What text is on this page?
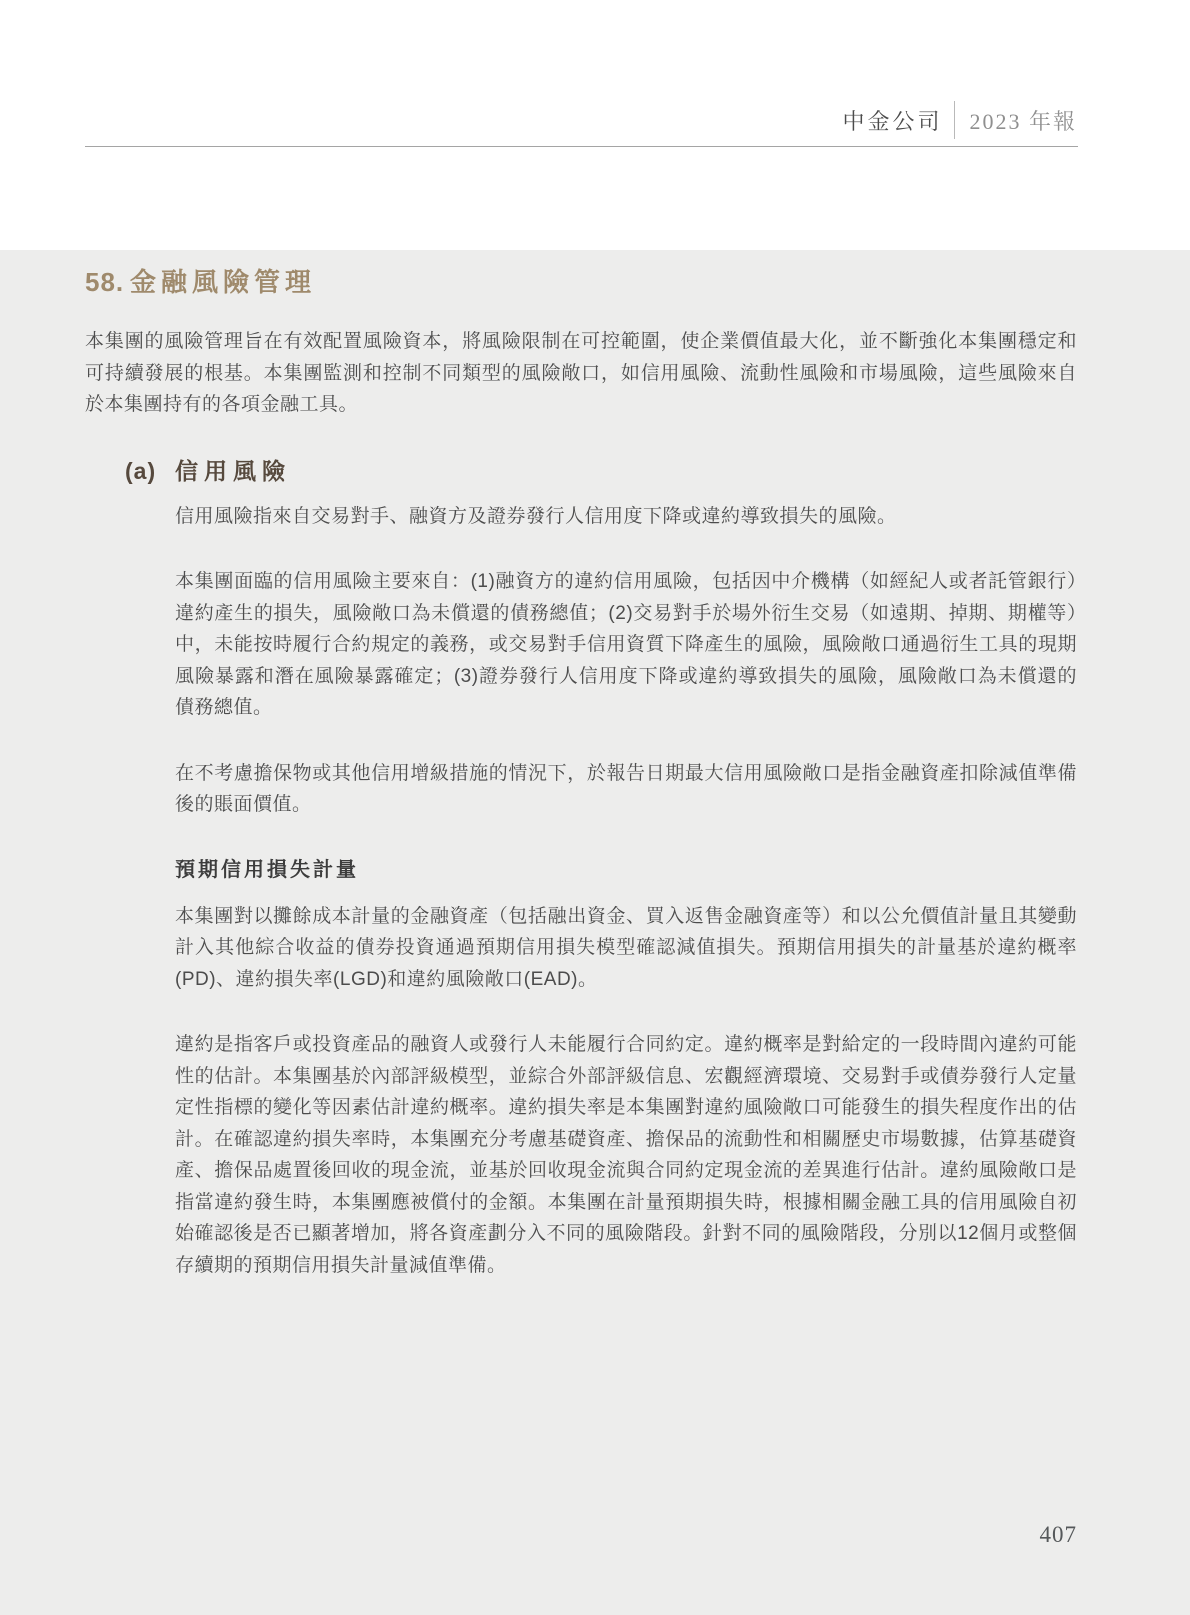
中金公司 2023 年報
58. 金融風險管理

本集團的風險管理旨在有效配置風險資本，將風險限制在可控範圍，使企業價值最大化，並不斷強化本集團穩定和可持續發展的根基。本集團監測和控制不同類型的風險敞口，如信用風險、流動性風險和市場風險，這些風險來自於本集團持有的各項金融工具。

(a) 信用風險

信用風險指來自交易對手、融資方及證券發行人信用度下降或違約導致損失的風險。

本集團面臨的信用風險主要來自：(1)融資方的違約信用風險，包括因中介機構（如經紀人或者託管銀行）違約產生的損失，風險敞口為未償還的債務總值；(2)交易對手於場外衍生交易（如遠期、掉期、期權等）中，未能按時履行合約規定的義務，或交易對手信用資質下降產生的風險，風險敞口通過衍生工具的現期風險暴露和潛在風險暴露確定；(3)證券發行人信用度下降或違約導致損失的風險，風險敞口為未償還的債務總值。

在不考慮擔保物或其他信用增級措施的情況下，於報告日期最大信用風險敞口是指金融資產扣除減值準備後的賬面價值。

預期信用損失計量

本集團對以攤餘成本計量的金融資產（包括融出資金、買入返售金融資產等）和以公允價值計量且其變動計入其他綜合收益的債券投資通過預期信用損失模型確認減值損失。預期信用損失的計量基於違約概率(PD)、違約損失率(LGD)和違約風險敞口(EAD)。

違約是指客戶或投資產品的融資人或發行人未能履行合同約定。違約概率是對給定的一段時間內違約可能性的估計。本集團基於內部評級模型，並綜合外部評級信息、宏觀經濟環境、交易對手或債券發行人定量定性指標的變化等因素估計違約概率。違約損失率是本集團對違約風險敞口可能發生的損失程度作出的估計。在確認違約損失率時，本集團充分考慮基礎資產、擔保品的流動性和相關歷史市場數據，估算基礎資產、擔保品處置後回收的現金流，並基於回收現金流與合同約定現金流的差異進行估計。違約風險敞口是指當違約發生時，本集團應被償付的金額。本集團在計量預期損失時，根據相關金融工具的信用風險自初始確認後是否已顯著增加，將各資產劃分入不同的風險階段。針對不同的風險階段，分別以12個月或整個存續期的預期信用損失計量減值準備。

407
